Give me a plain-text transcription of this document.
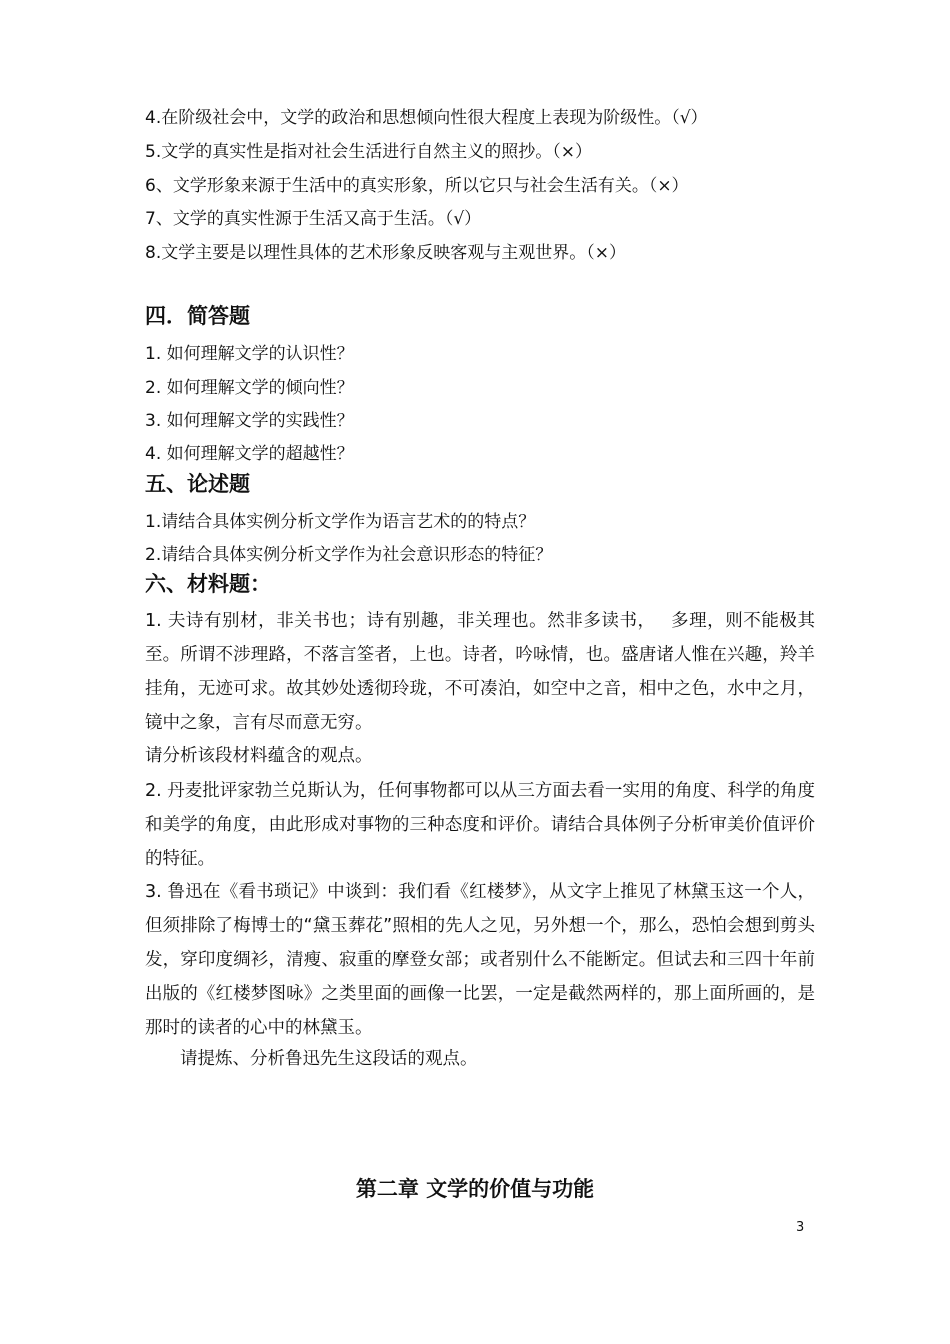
4.在阶级社会中，文学的政治和思想倾向性很大程度上表现为阶级性。（√）
5.文学的真实性是指对社会生活进行自然主义的照抄。（×）
6、文学形象来源于生活中的真实形象，所以它只与社会生活有关。（×）
7、文学的真实性源于生活又高于生活。（√）
8.文学主要是以理性具体的艺术形象反映客观与主观世界。（×）
四．简答题
1. 如何理解文学的认识性？
2. 如何理解文学的倾向性？
3. 如何理解文学的实践性？
4. 如何理解文学的超越性？
五、论述题
1.请结合具体实例分析文学作为语言艺术的的特点？
2.请结合具体实例分析文学作为社会意识形态的特征？
六、材料题：
1. 夫诗有别材，非关书也；诗有别趣，非关理也。然非多读书，　 多理，则不能极其至。所谓不涉理路，不落言筌者，上也。诗者，吟咏情，也。盛唐诸人惟在兴趣，羚羊挂角，无迹可求。故其妙处透彻玲珑，不可凑泊，如空中之音，相中之色，水中之月，镜中之象，言有尽而意无穷。
请分析该段材料蕴含的观点。
2. 丹麦批评家勃兰兑斯认为，任何事物都可以从三方面去看一实用的角度、科学的角度和美学的角度，由此形成对事物的三种态度和评价。请结合具体例子分析审美价值评价的特征。
3. 鲁迅在《看书琐记》中谈到：我们看《红楼梦》，从文字上推见了林黛玉这一个人，但须排除了梅博士的“黛玉葬花”照相的先人之见，另外想一个，那么，恐怕会想到剪头发，穿印度绸衫，清瘦、寂重的摩登女部；或者别什么不能断定。但试去和三四十年前出版的《红楼梦图咏》之类里面的画像一比罢，一定是截然两样的，那上面所画的，是那时的读者的心中的林黛玉。
请提炼、分析鲁迅先生这段话的观点。
第二章 文学的价值与功能
3
